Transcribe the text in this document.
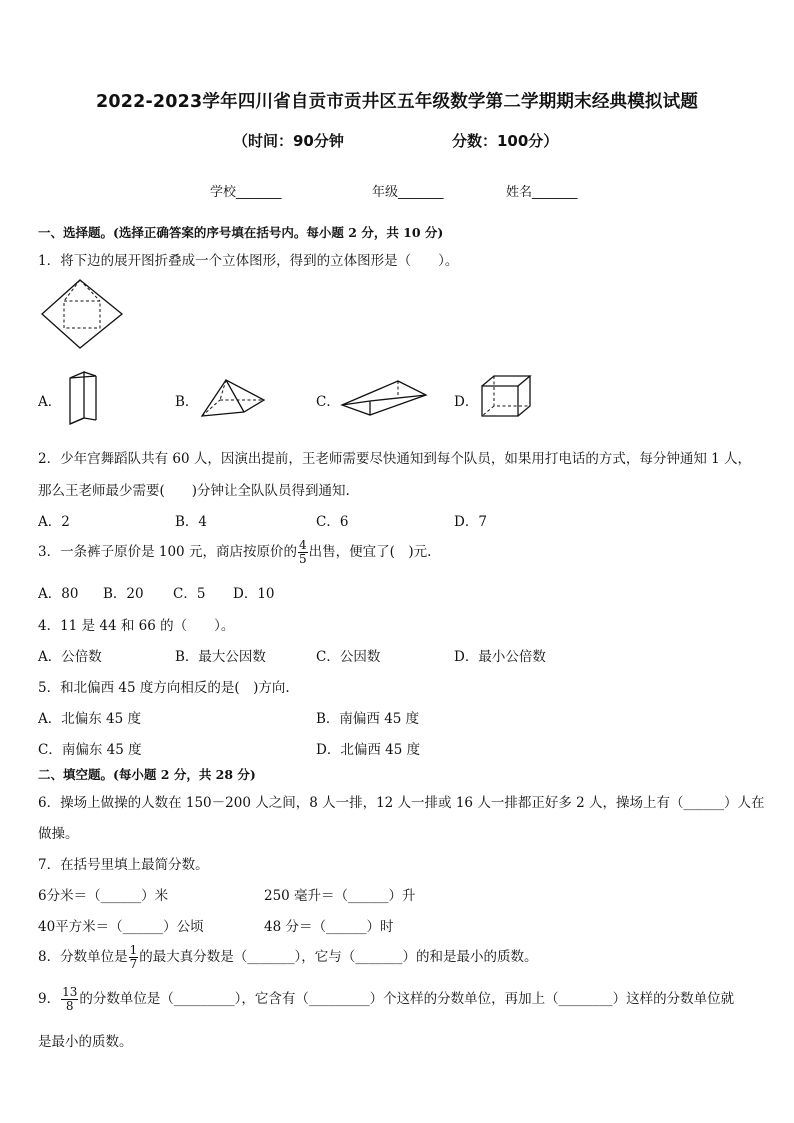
2022-2023学年四川省自贡市贡井区五年级数学第二学期期末经典模拟试题
（时间：90分钟	分数：100分）
学校_______	年级_______	姓名_______
一、选择题。(选择正确答案的序号填在括号内。每小题 2 分，共 10 分)
1．将下边的展开图折叠成一个立体图形，得到的立体图形是（　　）。
A．	B．	C．	D．
2．少年宫舞蹈队共有 60 人，因演出提前，王老师需要尽快通知到每个队员，如果用打电话的方式，每分钟通知 1 人，
那么王老师最少需要(　　)分钟让全队队员得到通知.
A．2	B．4	C．6	D．7
3．一条裤子原价是 100 元，商店按原价的 $\frac{4}{5}$ 出售，便宜了(　)元.
A．80 B．20 C．5 D．10
4．11 是 44 和 66 的（　　）。
A．公倍数	B．最大公因数	C．公因数	D．最小公倍数
5．和北偏西 45 度方向相反的是(　)方向.
A．北偏东 45 度	B．南偏西 45 度
C．南偏东 45 度	D．北偏西 45 度
二、填空题。(每小题 2 分，共 28 分)
6．操场上做操的人数在 150－200 人之间，8 人一排，12 人一排或 16 人一排都正好多 2 人，操场上有（______）人在
做操。
7．在括号里填上最简分数。
6分米＝（______）米	250 毫升＝（______）升
40平方米＝（______）公顷	48 分＝（______）时
8．分数单位是 $\frac{1}{7}$ 的最大真分数是（_______），它与（_______）的和是最小的质数。
9． $\frac{13}{8}$ 的分数单位是（_________），它含有（_________）个这样的分数单位，再加上（________）这样的分数单位就
是最小的质数。
